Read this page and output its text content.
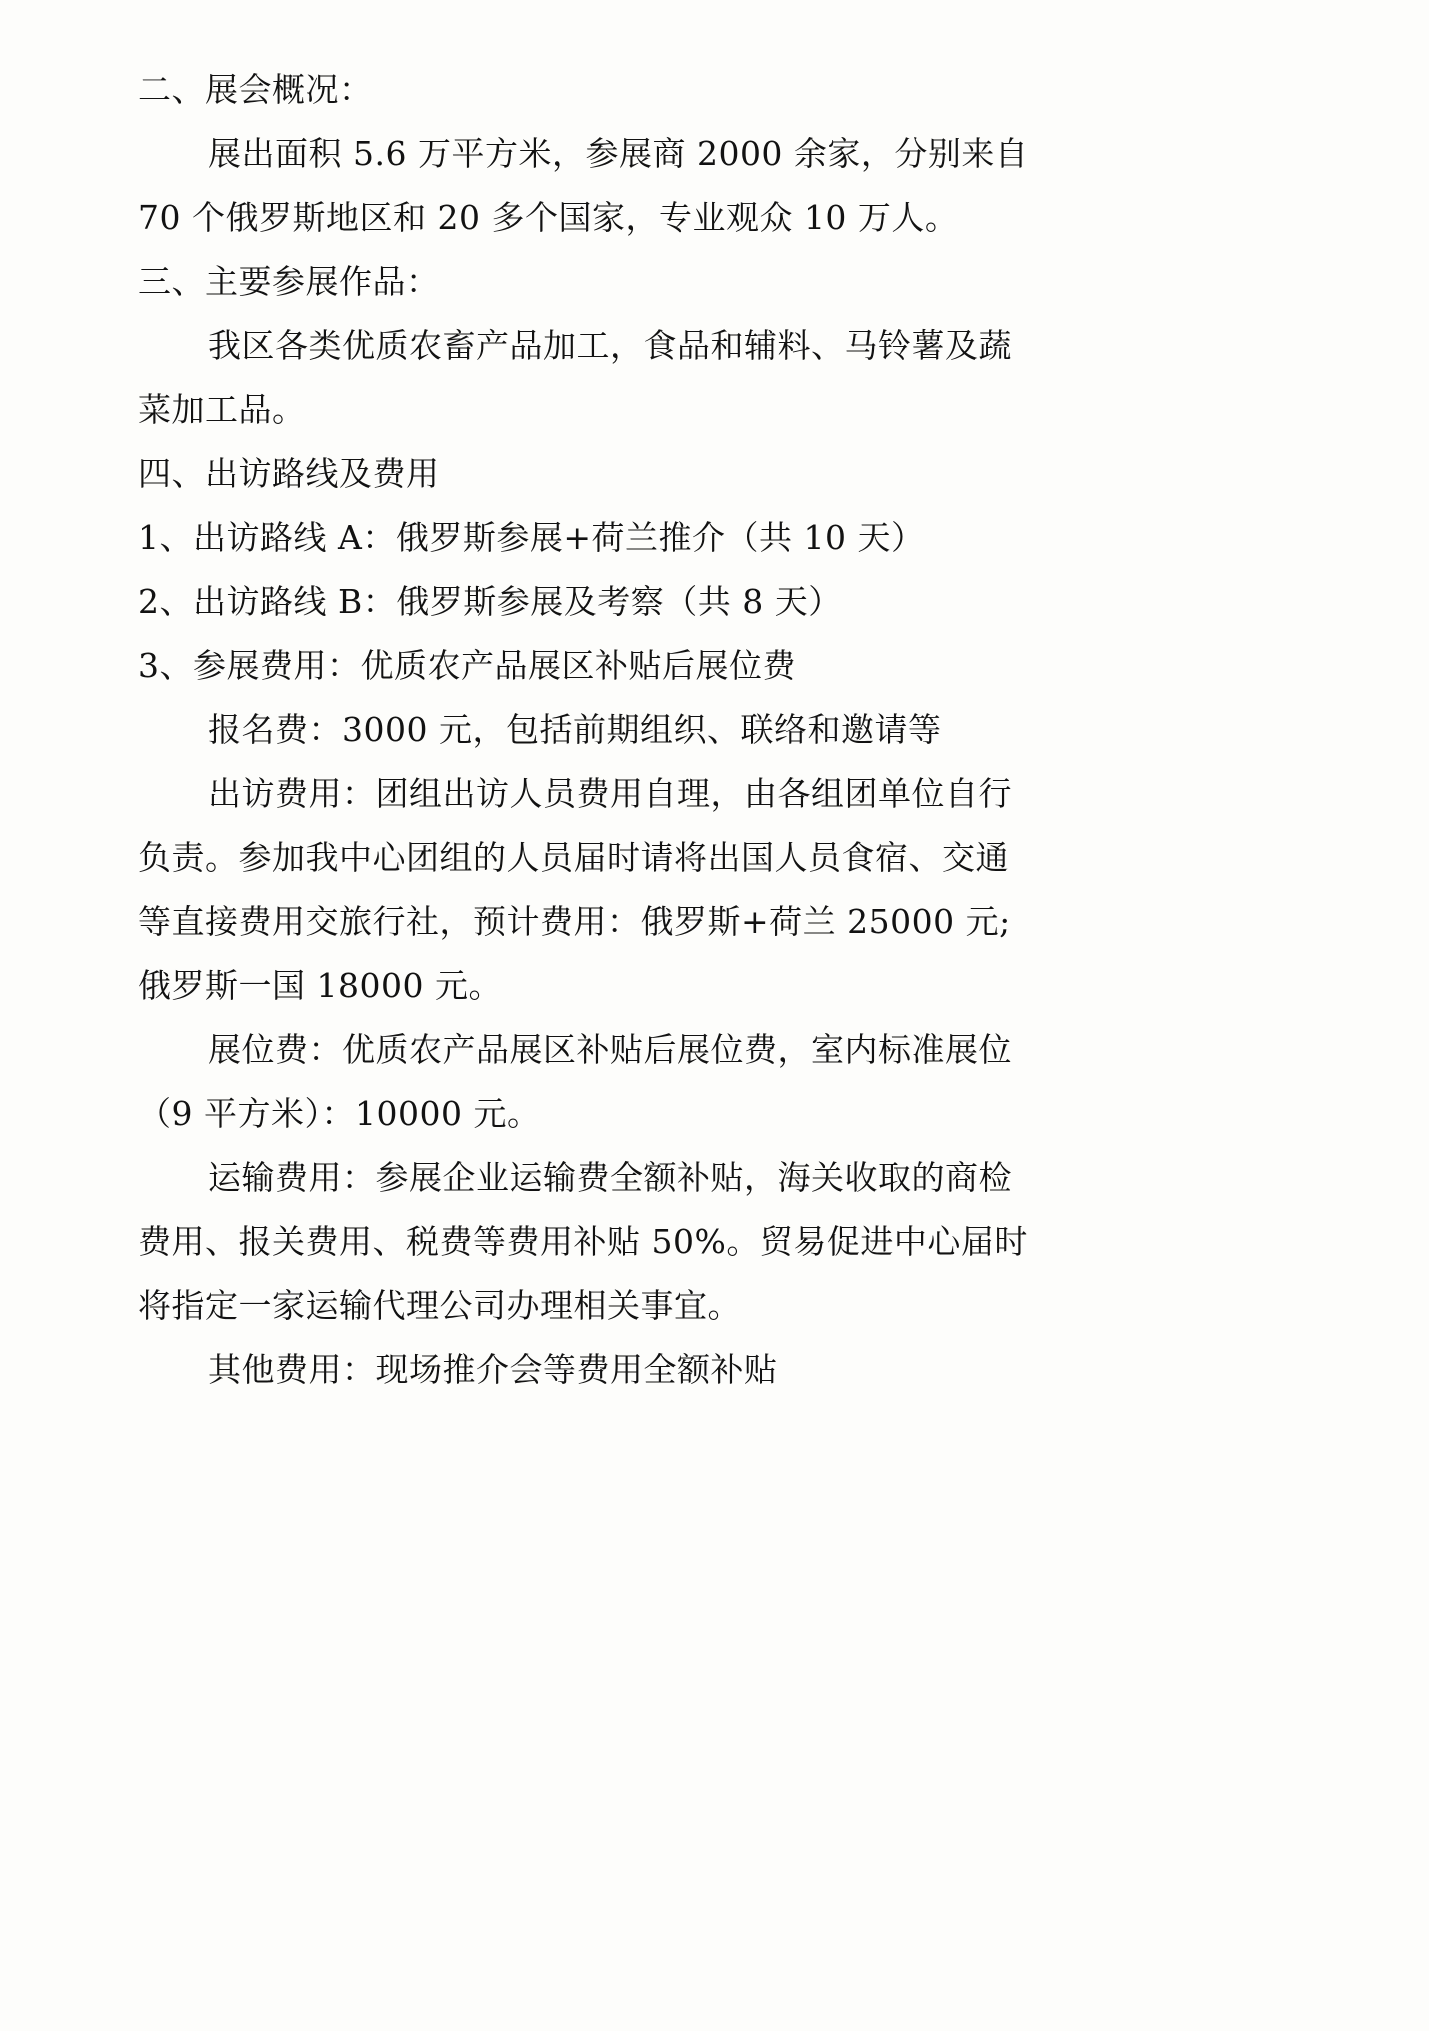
二、展会概况：
展出面积 5.6 万平方米，参展商 2000 余家，分别来自
70 个俄罗斯地区和 20 多个国家，专业观众 10 万人。
三、主要参展作品：
我区各类优质农畜产品加工，食品和辅料、马铃薯及蔬
菜加工品。
四、出访路线及费用
1、出访路线 A：俄罗斯参展+荷兰推介（共 10 天）
2、出访路线 B：俄罗斯参展及考察（共 8 天）
3、参展费用：优质农产品展区补贴后展位费
报名费：3000 元，包括前期组织、联络和邀请等
出访费用：团组出访人员费用自理，由各组团单位自行
负责。参加我中心团组的人员届时请将出国人员食宿、交通
等直接费用交旅行社，预计费用：俄罗斯+荷兰 25000 元;
俄罗斯一国 18000 元。
展位费：优质农产品展区补贴后展位费，室内标准展位
（9 平方米）：10000 元。
运输费用：参展企业运输费全额补贴，海关收取的商检
费用、报关费用、税费等费用补贴 50%。贸易促进中心届时
将指定一家运输代理公司办理相关事宜。
其他费用：现场推介会等费用全额补贴
